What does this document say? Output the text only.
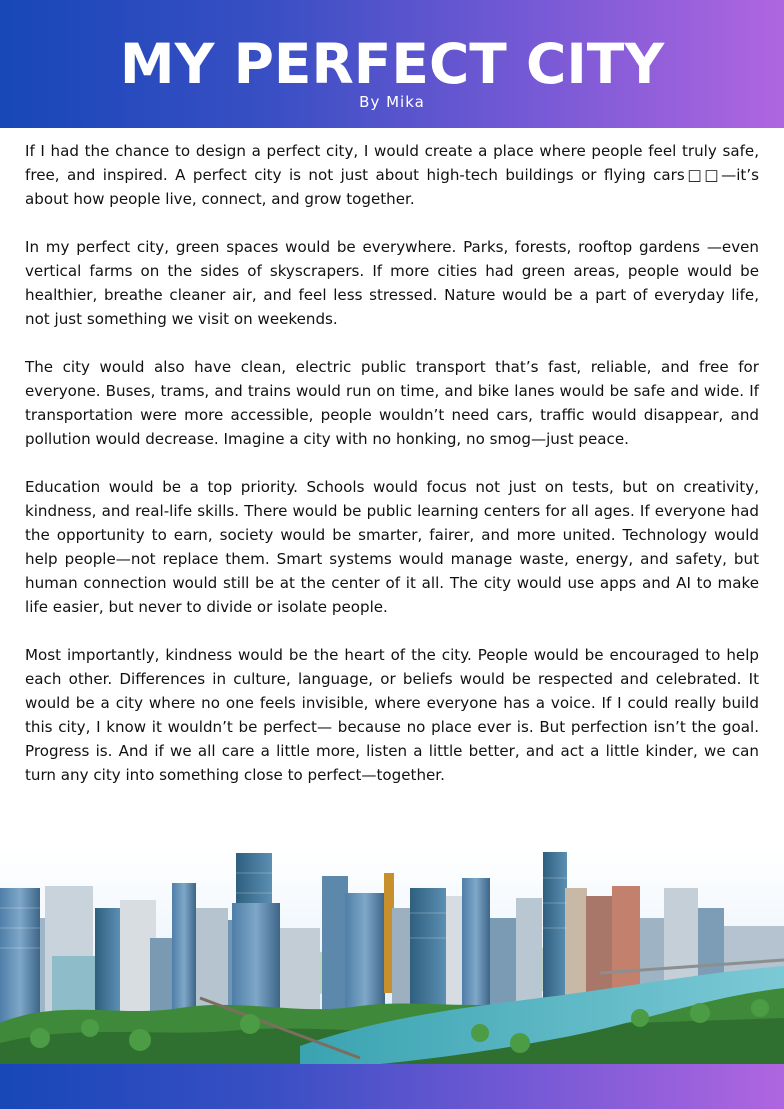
MY PERFECT CITY
By Mika

If I had the chance to design a perfect city, I would create a place where people feel truly safe, free, and inspired. A perfect city is not just about high-tech buildings or flying cars□□—it’s about how people live, connect, and grow together.

In my perfect city, green spaces would be everywhere. Parks, forests, rooftop gardens —even vertical farms on the sides of skyscrapers. If more cities had green areas, people would be healthier, breathe cleaner air, and feel less stressed. Nature would be a part of everyday life, not just something we visit on weekends.

The city would also have clean, electric public transport that’s fast, reliable, and free for everyone. Buses, trams, and trains would run on time, and bike lanes would be safe and wide. If transportation were more accessible, people wouldn’t need cars, traffic would disappear, and pollution would decrease. Imagine a city with no honking, no smog—just peace.

Education would be a top priority. Schools would focus not just on tests, but on creativity, kindness, and real-life skills. There would be public learning centers for all ages. If everyone had the opportunity to earn, society would be smarter, fairer, and more united. Technology would help people—not replace them. Smart systems would manage waste, energy, and safety, but human connection would still be at the center of it all. The city would use apps and AI to make life easier, but never to divide or isolate people.

Most importantly, kindness would be the heart of the city. People would be encouraged to help each other. Differences in culture, language, or beliefs would be respected and celebrated. It would be a city where no one feels invisible, where everyone has a voice. If I could really build this city, I know it wouldn’t be perfect— because no place ever is. But perfection isn’t the goal. Progress is. And if we all care a little more, listen a little better, and act a little kinder, we can turn any city into something close to perfect—together.
